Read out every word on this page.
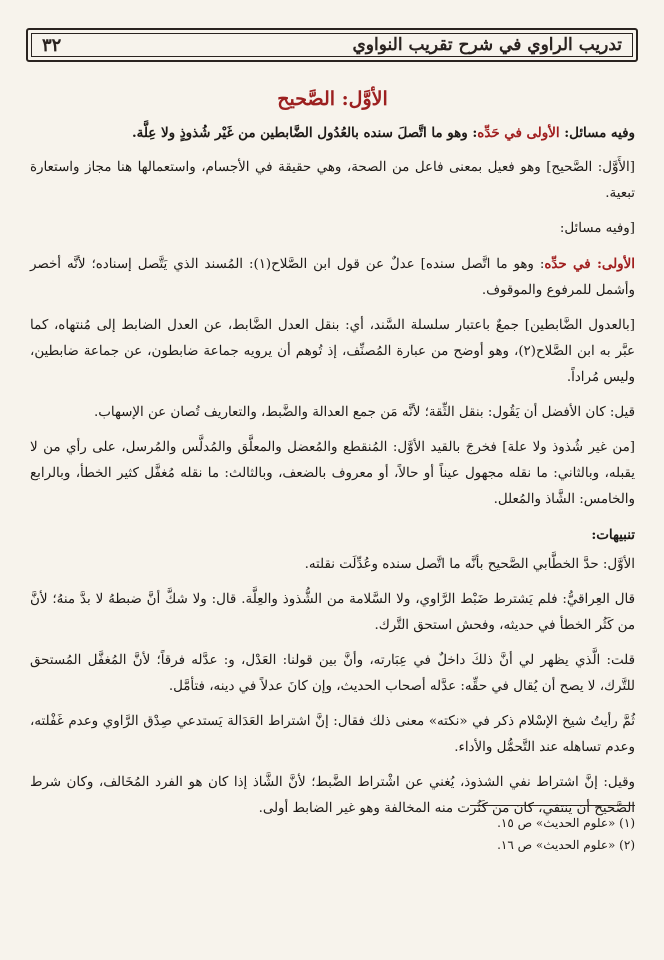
٣٢	تدريب الراوي في شرح تقريب النواوي
الأوَّل: الصَّحيح

وفيه مسائل: الأولى في حَدِّه: وهو ما اتَّصلَ سنده بالعُدُول الضَّابطين من غَيْر شُذوذٍ ولا عِلَّة.

[الأَوَّل: الصَّحيح] وهو فعيل بمعنى فاعل من الصحة، وهي حقيقة في الأجسام، واستعمالها هنا مجاز واستعارة تبعية.

[وفيه مسائل:

الأولى: في حدِّه: وهو ما اتَّصل سنده] عدلٌ عن قول ابن الصَّلاح(١): المُسند الذي يَتَّصل إسناده؛ لأنَّه أخصر وأشمل للمرفوع والموقوف.

[بالعدول الضَّابطين] جمعٌ باعتبار سلسلة السَّند، أي: بنقل العدل الضَّابط، عن العدل الضابط إلى مُنتهاه، كما عبَّر به ابن الصَّلاح(٢)، وهو أوضح من عبارة المُصنِّف، إذ تُوهم أن يرويه جماعة ضابطون، عن جماعة ضابطين، وليس مُراداً.

قيل: كان الأفضل أن يَقُول: بنقل الثِّقة؛ لأنَّه مَن جمع العدالة والضَّبط، والتعاريف تُصان عن الإسهاب.

[من غير شُذوذ ولا علة] فخرجَ بالقيد الأوَّل: المُنقطع والمُعضل والمعلَّق والمُدلَّس والمُرسل، على رأي من لا يقبله، وبالثاني: ما نقله مجهول عيناً أو حالاً، أو معروف بالضعف، وبالثالث: ما نقله مُغفَّل كثير الخطأ، وبالرابع والخامس: الشَّاذ والمُعلل.

تنبيهات:

الأوَّل: حدَّ الخطَّابي الصَّحيح بأنَّه ما اتَّصل سنده وعُدِّلَت نقلته.

قال العِراقيُّ: فلم يَشترط ضَبْط الرَّاوي، ولا السَّلامة من الشُّذوذ والعِلَّة. قال: ولا شكَّ أنَّ ضبطهُ لا بدَّ منهُ؛ لأنَّ من كَثُر الخطأ في حديثه، وفحش استحق التَّرك.

قلت: الَّذي يظهر لي أنَّ ذلكَ داخلٌ في عِبَارته، وأنَّ بين قولنا: العَدْل، و: عدَّله فرقاً؛ لأنَّ المُغفَّل المُستحق للتَّرك، لا يصح أن يُقال في حقِّه: عدَّله أصحاب الحديث، وإن كانَ عدلاً في دينه، فتأمَّل.

ثُمَّ رأيتُ شيخ الإسْلام ذكر في «نكته» معنى ذلك فقال: إنَّ اشتراط العَدَالة يَستدعي صِدْق الرَّاوي وعدم غَفْلته، وعدم تساهله عند التَّحمُّل والأداء.

وقيل: إنَّ اشتراط نفي الشذوذ، يُغني عن اشْتراط الضَّبط؛ لأنَّ الشَّاذ إذا كان هو الفرد المُخَالف، وكان شرط الصَّحيح أن ينتفي، كان من كَثُرت منه المخالفة وهو غير الضابط أولى.

(١) «علوم الحديث» ص ١٥.
(٢) «علوم الحديث» ص ١٦.
